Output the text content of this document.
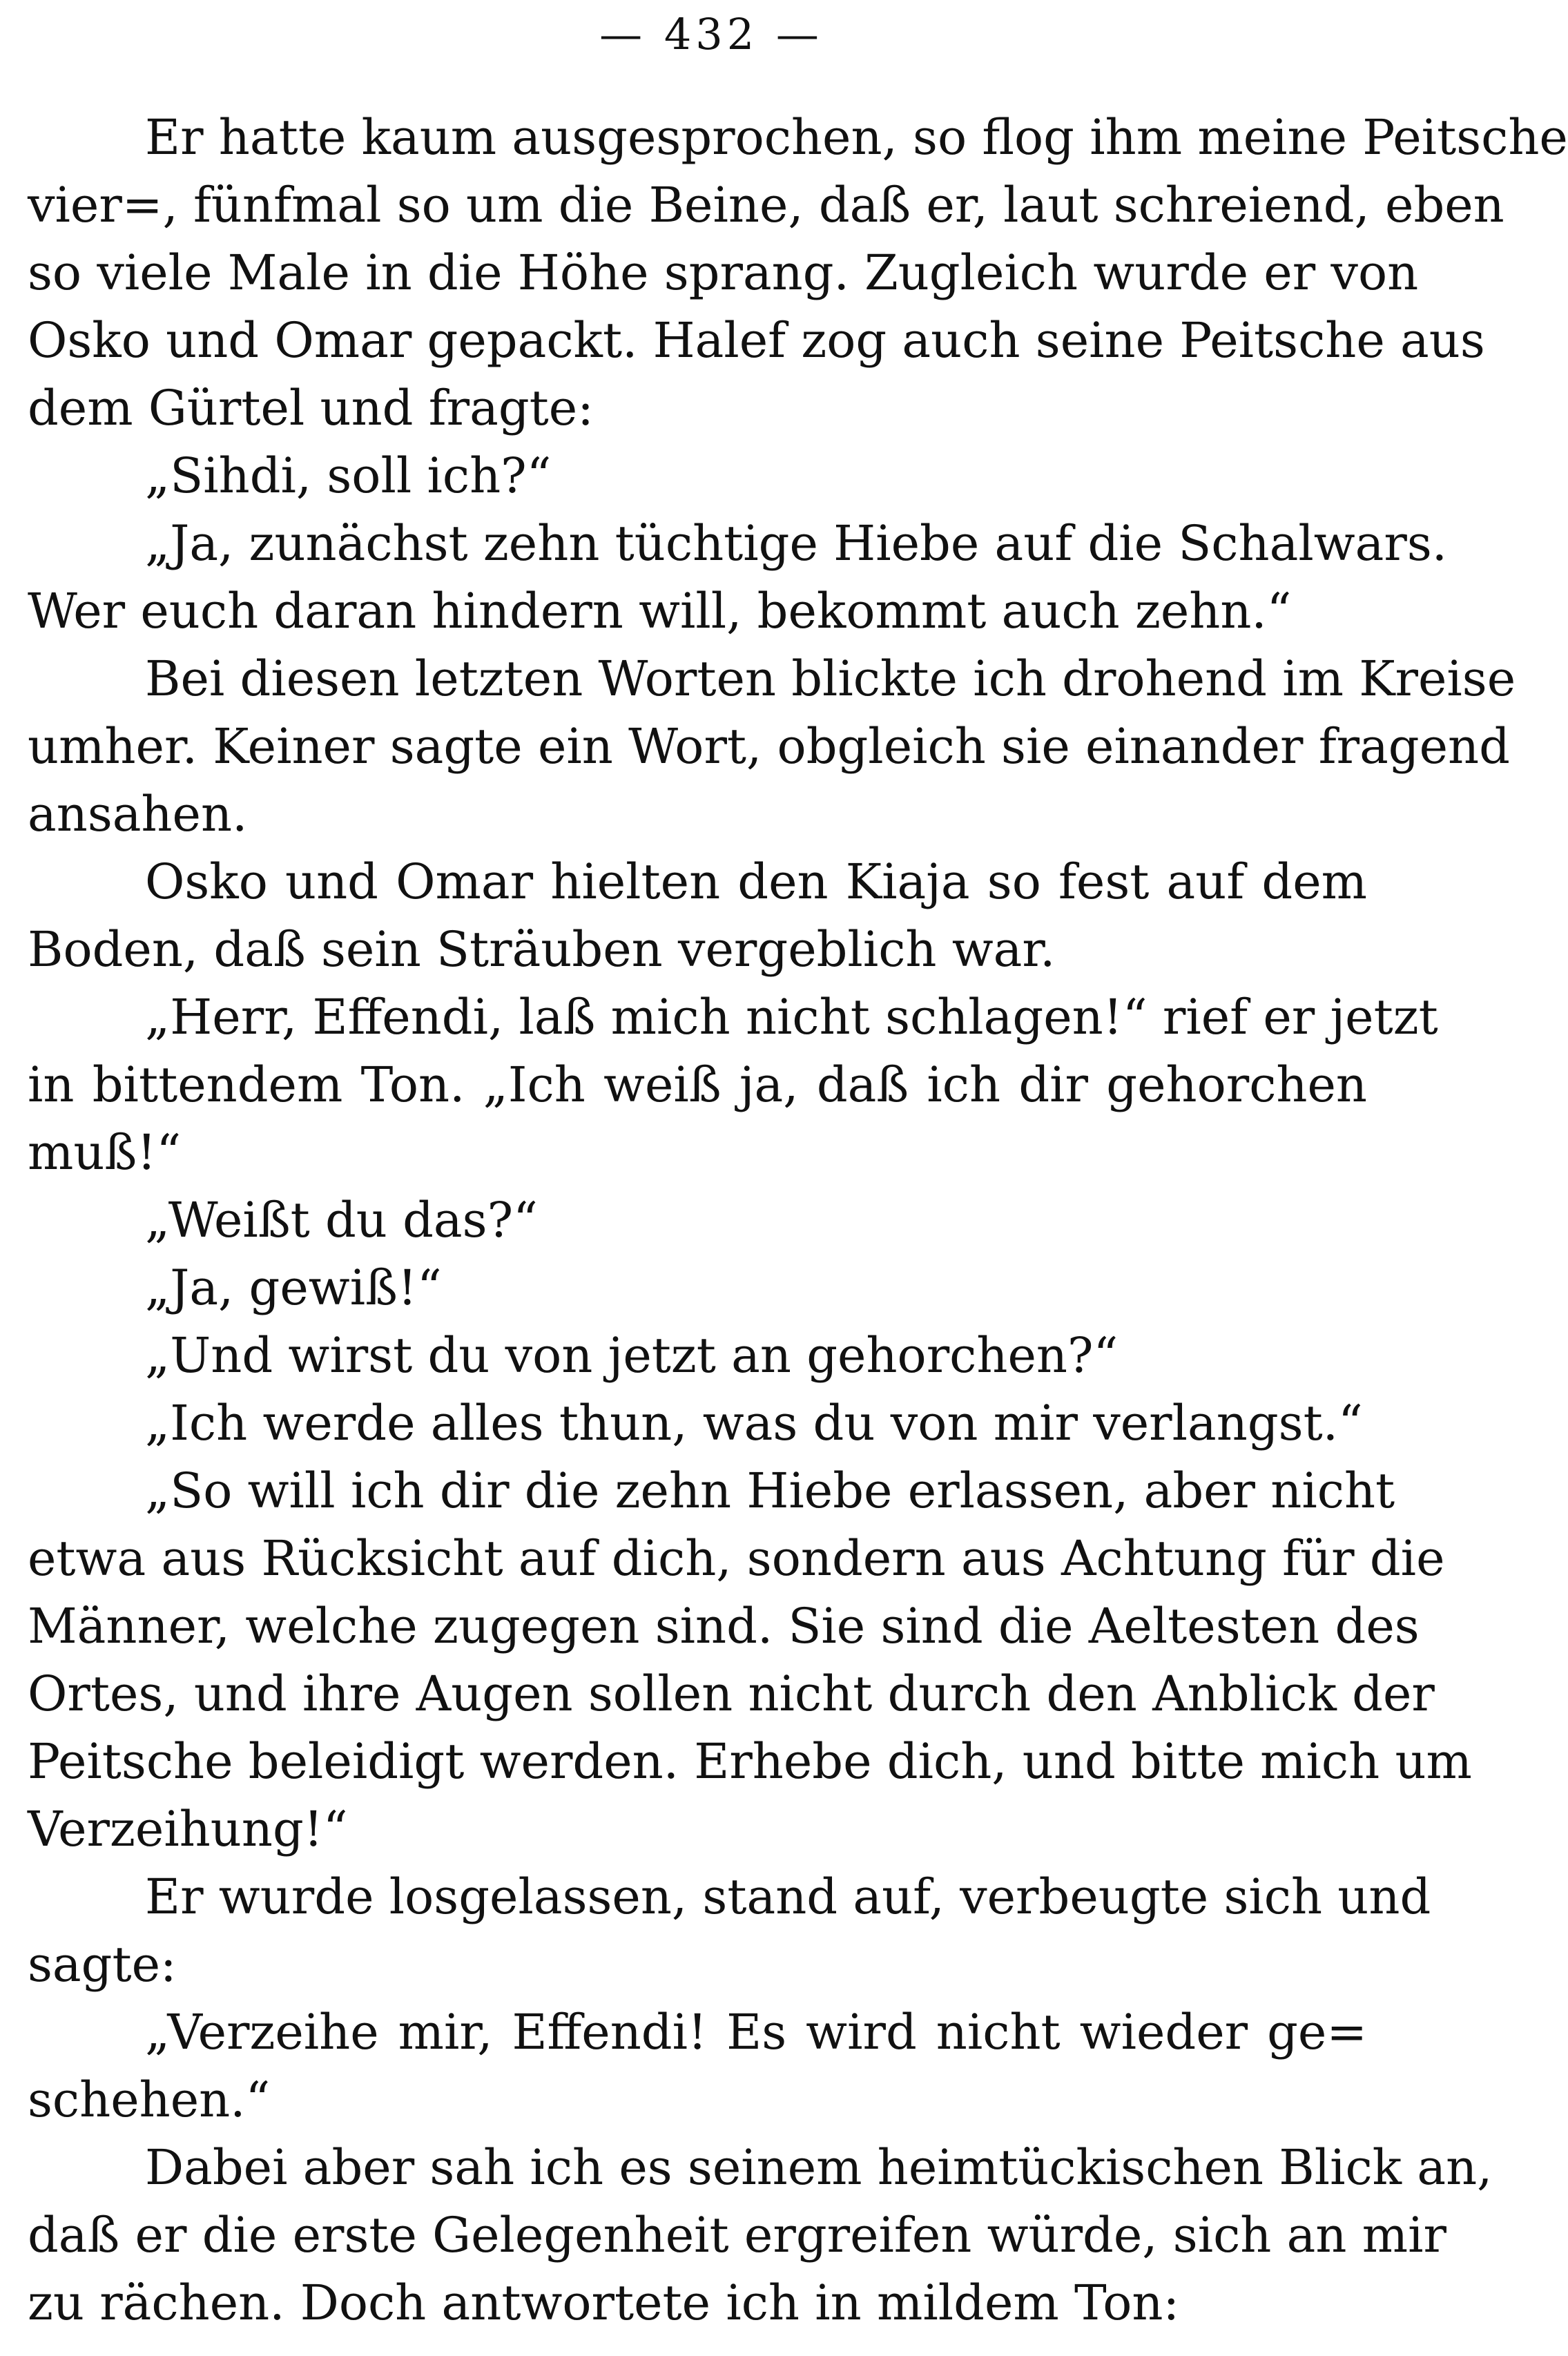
— 432 —
Er hatte kaum ausgesprochen, so flog ihm meine Peitsche
vier=, fünfmal so um die Beine, daß er, laut schreiend, eben
so viele Male in die Höhe sprang. Zugleich wurde er von
Osko und Omar gepackt. Halef zog auch seine Peitsche aus
dem Gürtel und fragte:
„Sihdi, soll ich?“
„Ja, zunächst zehn tüchtige Hiebe auf die Schalwars.
Wer euch daran hindern will, bekommt auch zehn.“
Bei diesen letzten Worten blickte ich drohend im Kreise
umher. Keiner sagte ein Wort, obgleich sie einander fragend
ansahen.
Osko und Omar hielten den Kiaja so fest auf dem
Boden, daß sein Sträuben vergeblich war.
„Herr, Effendi, laß mich nicht schlagen!“ rief er jetzt
in bittendem Ton. „Ich weiß ja, daß ich dir gehorchen
muß!“
„Weißt du das?“
„Ja, gewiß!“
„Und wirst du von jetzt an gehorchen?“
„Ich werde alles thun, was du von mir verlangst.“
„So will ich dir die zehn Hiebe erlassen, aber nicht
etwa aus Rücksicht auf dich, sondern aus Achtung für die
Männer, welche zugegen sind. Sie sind die Aeltesten des
Ortes, und ihre Augen sollen nicht durch den Anblick der
Peitsche beleidigt werden. Erhebe dich, und bitte mich um
Verzeihung!“
Er wurde losgelassen, stand auf, verbeugte sich und
sagte:
„Verzeihe mir, Effendi! Es wird nicht wieder ge=
schehen.“
Dabei aber sah ich es seinem heimtückischen Blick an,
daß er die erste Gelegenheit ergreifen würde, sich an mir
zu rächen. Doch antwortete ich in mildem Ton:
